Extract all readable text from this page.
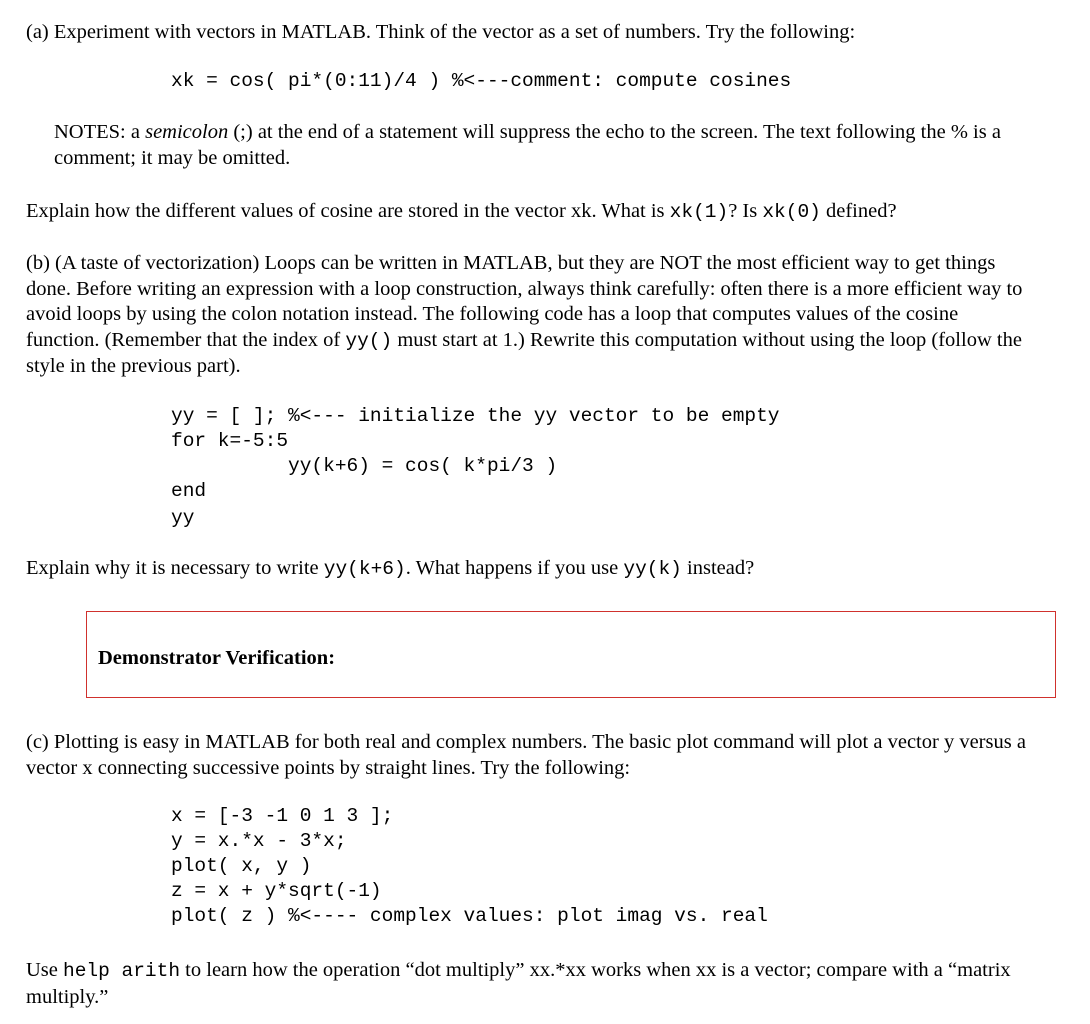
(a) Experiment with vectors in MATLAB. Think of the vector as a set of numbers. Try the following:

xk = cos( pi*(0:11)/4 ) %<---comment: compute cosines

NOTES: a semicolon (;) at the end of a statement will suppress the echo to the screen. The text following the % is a comment; it may be omitted.

Explain how the different values of cosine are stored in the vector xk. What is xk(1)? Is xk(0) defined?

(b) (A taste of vectorization) Loops can be written in MATLAB, but they are NOT the most efficient way to get things done. Before writing an expression with a loop construction, always think carefully: often there is a more efficient way to avoid loops by using the colon notation instead. The following code has a loop that computes values of the cosine function. (Remember that the index of yy() must start at 1.) Rewrite this computation without using the loop (follow the style in the previous part).

yy = [ ]; %<--- initialize the yy vector to be empty
for k=-5:5
yy(k+6) = cos( k*pi/3 )
end
yy

Explain why it is necessary to write yy(k+6). What happens if you use yy(k) instead?

Demonstrator Verification:

(c) Plotting is easy in MATLAB for both real and complex numbers. The basic plot command will plot a vector y versus a vector x connecting successive points by straight lines. Try the following:

x = [-3 -1 0 1 3 ];
y = x.*x - 3*x;
plot( x, y )
z = x + y*sqrt(-1)
plot( z ) %<---- complex values: plot imag vs. real

Use help arith to learn how the operation “dot multiply” xx.*xx works when xx is a vector; compare with a “matrix multiply.”
